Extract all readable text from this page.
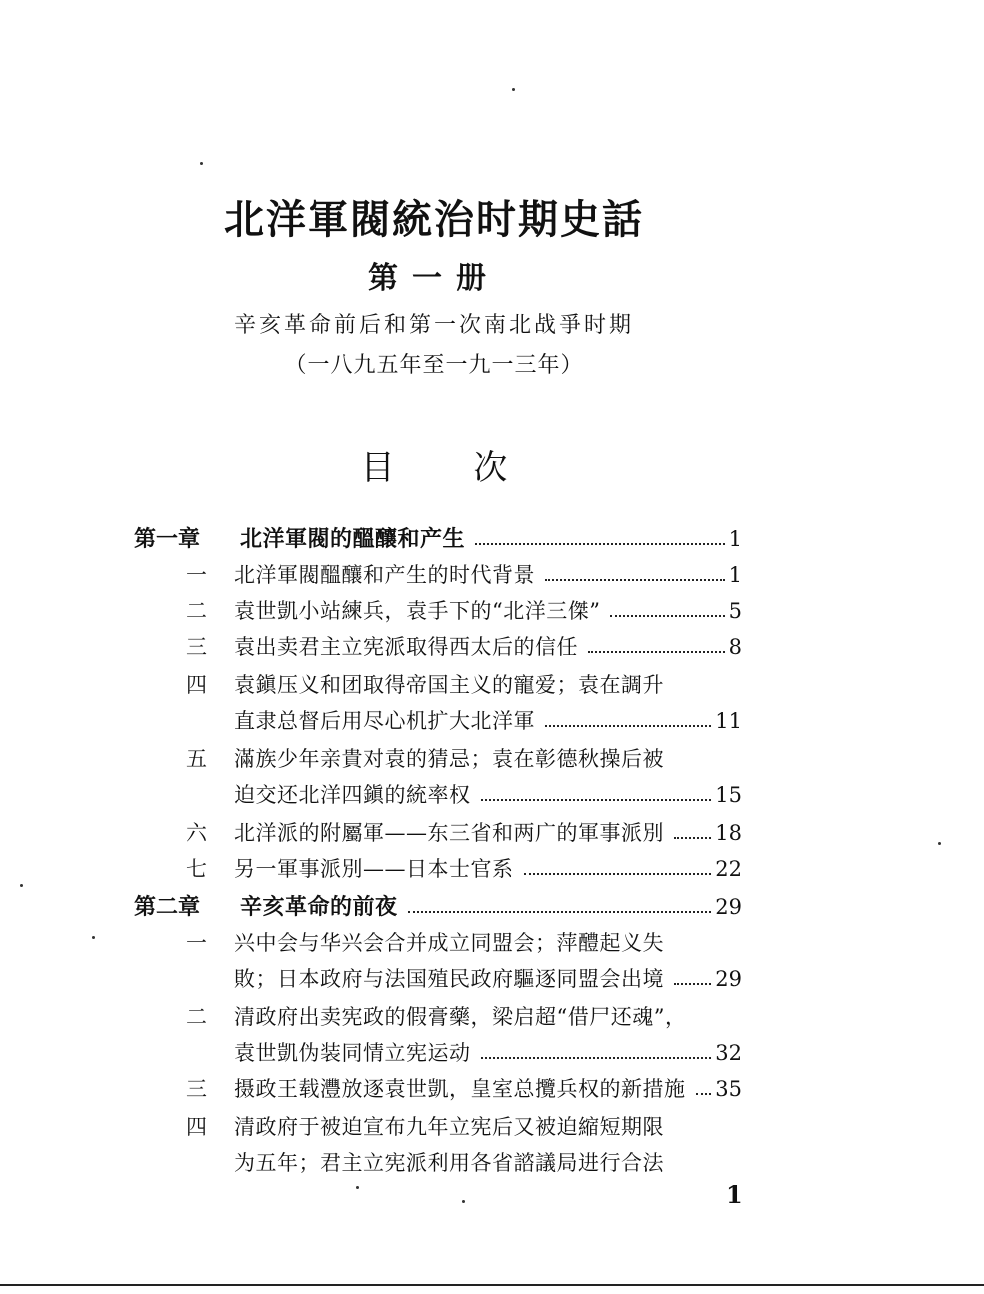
北洋軍閥統治时期史話
第一册
辛亥革命前后和第一次南北战爭时期
（一八九五年至一九一三年）
目 次
第一章 北洋軍閥的醞釀和产生	1
一 北洋軍閥醞釀和产生的时代背景	1
二 袁世凱小站練兵，袁手下的“北洋三傑”	5
三 袁出卖君主立宪派取得西太后的信任	8
四 袁鎭压义和团取得帝国主义的寵爱；袁在調升
直隶总督后用尽心机扩大北洋軍	11
五 滿族少年亲貴对袁的猜忌；袁在彰德秋操后被
迫交还北洋四鎭的統率权	15
六 北洋派的附屬軍——东三省和两广的軍事派別 18
七 另一軍事派別——日本士官系	22
第二章 辛亥革命的前夜	29
一 兴中会与华兴会合并成立同盟会；萍醴起义失
敗；日本政府与法国殖民政府驅逐同盟会出境 29
二 清政府出卖宪政的假膏藥，梁启超“借尸还魂”，
袁世凱伪装同情立宪运动	32
三 摄政王载灃放逐袁世凱，皇室总攬兵权的新措施 35
四 清政府于被迫宣布九年立宪后又被迫縮短期限
为五年；君主立宪派利用各省諮議局进行合法
1
